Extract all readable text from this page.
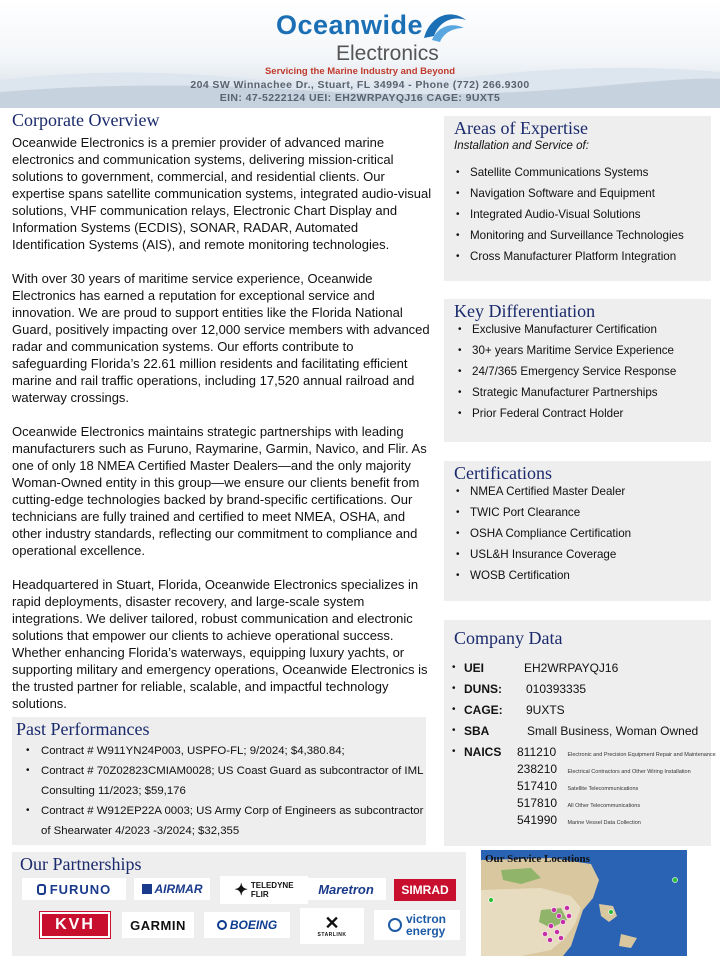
Oceanwide
Electronics
Servicing the Marine Industry and Beyond
204 SW Winnachee Dr., Stuart, FL 34994 - Phone (772) 266.9300
EIN: 47-5222124 UEI: EH2WRPAYQJ16 CAGE: 9UXT5
Corporate Overview

Oceanwide Electronics is a premier provider of advanced marine electronics and communication systems, delivering mission-critical solutions to government, commercial, and residential clients. Our expertise spans satellite communication systems, integrated audio-visual solutions, VHF communication relays, Electronic Chart Display and Information Systems (ECDIS), SONAR, RADAR, Automated Identification Systems (AIS), and remote monitoring technologies.

With over 30 years of maritime service experience, Oceanwide Electronics has earned a reputation for exceptional service and innovation. We are proud to support entities like the Florida National Guard, positively impacting over 12,000 service members with advanced radar and communication systems. Our efforts contribute to safeguarding Florida’s 22.61 million residents and facilitating efficient marine and rail traffic operations, including 17,520 annual railroad and waterway crossings.

Oceanwide Electronics maintains strategic partnerships with leading manufacturers such as Furuno, Raymarine, Garmin, Navico, and Flir. As one of only 18 NMEA Certified Master Dealers—and the only majority Woman-Owned entity in this group—we ensure our clients benefit from cutting-edge technologies backed by brand-specific certifications. Our technicians are fully trained and certified to meet NMEA, OSHA, and other industry standards, reflecting our commitment to compliance and operational excellence.

Headquartered in Stuart, Florida, Oceanwide Electronics specializes in rapid deployments, disaster recovery, and large-scale system integrations. We deliver tailored, robust communication and electronic solutions that empower our clients to achieve operational success. Whether enhancing Florida’s waterways, equipping luxury yachts, or supporting military and emergency operations, Oceanwide Electronics is the trusted partner for reliable, scalable, and impactful technology solutions.

Areas of Expertise
Installation and Service of:
• Satellite Communications Systems
• Navigation Software and Equipment
• Integrated Audio-Visual Solutions
• Monitoring and Surveillance Technologies
• Cross Manufacturer Platform Integration
Key Differentiation
• Exclusive Manufacturer Certification
• 30+ years Maritime Service Experience
• 24/7/365 Emergency Service Response
• Strategic Manufacturer Partnerships
• Prior Federal Contract Holder
Certifications
• NMEA Certified Master Dealer
• TWIC Port Clearance
• OSHA Compliance Certification
• USL&H Insurance Coverage
• WOSB Certification
Company Data
• UEI	EH2WRPAYQJ16
• DUNS: 010393335
• CAGE: 9UXTS
• SBA	Small Business, Woman Owned
• NAICS 811210 Electronic and Precision Equipment Repair and Maintenance
238210 Electrical Contractors and Other Wiring Installation
517410 Satellite Telecommunications
517810 All Other Telecommunications
541990 Marine Vessel Data Collection
Past Performances
• Contract # W911YN24P003, USPFO-FL; 9/2024; $4,380.84;
• Contract # 70Z02823CMIAM0028; US Coast Guard as subcontractor of IML Consulting 11/2023; $59,176
• Contract # W912EP22A 0003; US Army Corp of Engineers as subcontractor of Shearwater 4/2023 -3/2024; $32,355
Our Partnerships
FURUNO	AIRMAR ✦ TELEDYNE
FLIR	Maretron SIMRAD
KVH	GARMIN	BOEING	✕
STARLINK
victron
energy
Our Service Locations
